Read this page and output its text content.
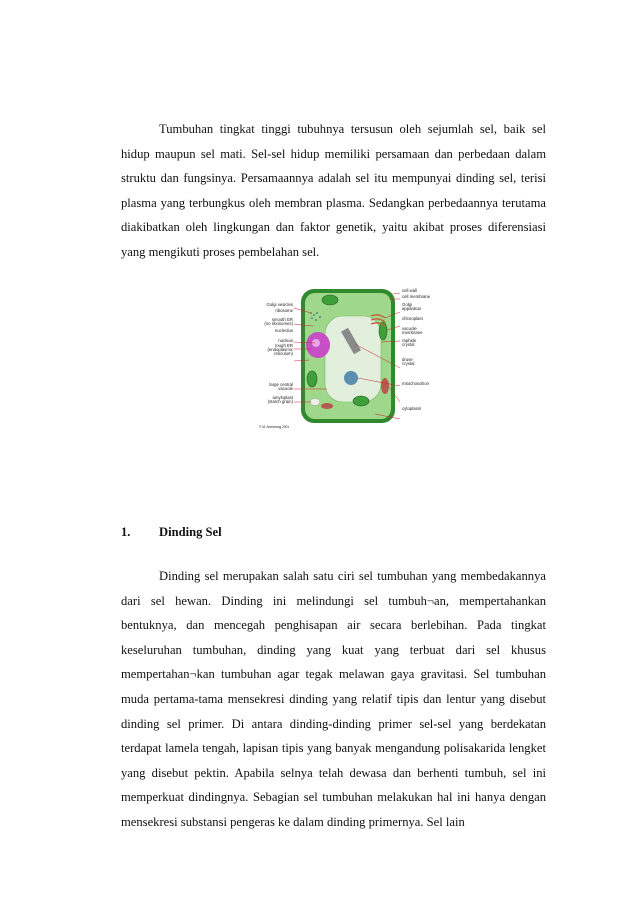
Tumbuhan tingkat tinggi tubuhnya tersusun oleh sejumlah sel, baik sel hidup maupun sel mati. Sel-sel hidup memiliki persamaan dan perbedaan dalam struktu dan fungsinya. Persamaannya adalah sel itu mempunyai dinding sel, terisi plasma yang terbungkus oleh membran plasma. Sedangkan perbedaannya terutama diakibatkan oleh lingkungan dan faktor genetik, yaitu akibat proses diferensiasi yang mengikuti proses pembelahan sel.
Golgi vesicles
ribosome
smooth ER
(no ribosomes)
nucleolus
nucleus
rough ER
(endoplasmic
reticulum)
large central
vacuole
amyloplast
(starch grain)
cell wall
cell membrane
Golgi
apparatus
chloroplast
vacuole
membrane
raphide
crystal
druse
crystal
mitochondrion
cytoplasm
© M. Armstrong 2001
1. Dinding Sel
Dinding sel merupakan salah satu ciri sel tumbuhan yang membedakannya dari sel hewan. Dinding ini melindungi sel tumbuh¬an, mempertahankan bentuknya, dan mencegah penghisapan air secara berlebihan. Pada tingkat keseluruhan tumbuhan, dinding yang kuat yang terbuat dari sel khusus mempertahan¬kan tumbuhan agar tegak melawan gaya gravitasi. Sel tumbuhan muda pertama-tama mensekresi dinding yang relatif tipis dan lentur yang disebut dinding sel primer. Di antara dinding-dinding primer sel-sel yang berdekatan terdapat lamela tengah, lapisan tipis yang banyak mengandung polisakarida lengket yang disebut pektin. Apabila selnya telah dewasa dan berhenti tumbuh, sel ini memperkuat dindingnya. Sebagian sel tumbuhan melakukan hal ini hanya dengan mensekresi substansi pengeras ke dalam dinding primernya. Sel lain
